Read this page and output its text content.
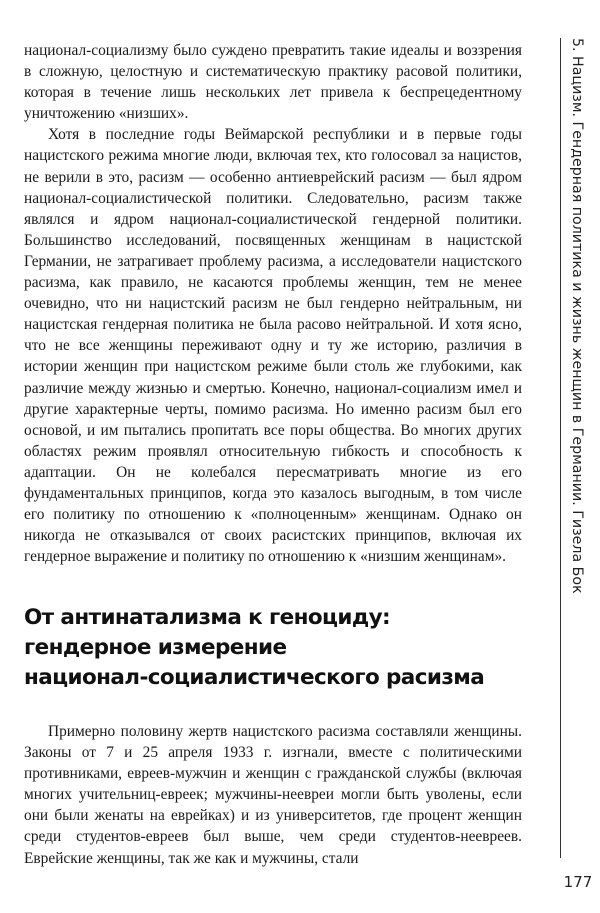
национал-социализму было суждено превратить такие идеалы и воззрения в сложную, целостную и систематическую практику расовой политики, которая в течение лишь нескольких лет привела к беспрецедентному уничтожению «низших».

Хотя в последние годы Веймарской республики и в первые годы нацистского режима многие люди, включая тех, кто голосовал за нацистов, не верили в это, расизм — особенно антиеврейский расизм — был ядром национал-социалистической политики. Следовательно, расизм также являлся и ядром национал-социалистической гендерной политики. Большинство исследований, посвященных женщинам в нацистской Германии, не затрагивает проблему расизма, а исследователи нацистского расизма, как правило, не касаются проблемы женщин, тем не менее очевидно, что ни нацистский расизм не был гендерно нейтральным, ни нацистская гендерная политика не была расово нейтральной. И хотя ясно, что не все женщины переживают одну и ту же историю, различия в истории женщин при нацистском режиме были столь же глубокими, как различие между жизнью и смертью. Конечно, национал-социализм имел и другие характерные черты, помимо расизма. Но именно расизм был его основой, и им пытались пропитать все поры общества. Во многих других областях режим проявлял относительную гибкость и способность к адаптации. Он не колебался пересматривать многие из его фундаментальных принципов, когда это казалось выгодным, в том числе его политику по отношению к «полноценным» женщинам. Однако он никогда не отказывался от своих расистских принципов, включая их гендерное выражение и политику по отношению к «низшим женщинам».

От антинатализма к геноциду:
гендерное измерение
национал-социалистического расизма

Примерно половину жертв нацистского расизма составляли женщины. Законы от 7 и 25 апреля 1933 г. изгнали, вместе с политическими противниками, евреев-мужчин и женщин с гражданской службы (включая многих учительниц-евреек; мужчины-неевреи могли быть уволены, если они были женаты на еврейках) и из университетов, где процент женщин среди студентов-евреев был выше, чем среди студентов-неевреев. Еврейские женщины, так же как и мужчины, стали

5. Нацизм. Гендерная политика и жизнь женщин в Германии. Гизела Бок
177
